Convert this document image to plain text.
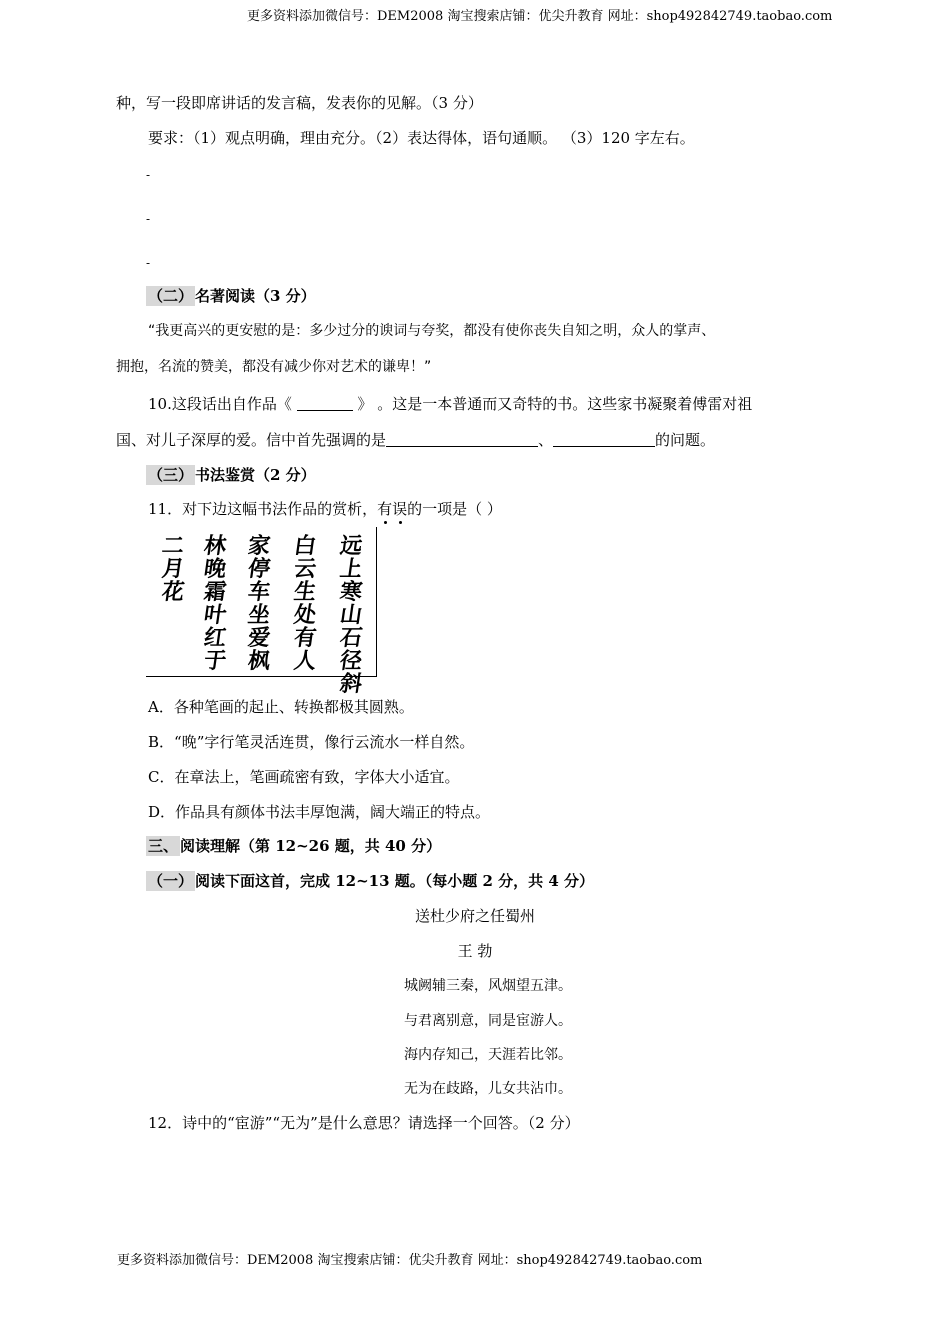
更多资料添加微信号：DEM2008 淘宝搜索店铺：优尖升教育 网址：shop492842749.taobao.com
更多资料添加微信号：DEM2008 淘宝搜索店铺：优尖升教育 网址：shop492842749.taobao.com
种，写一段即席讲话的发言稿，发表你的见解。（3 分）
要求：（1）观点明确，理由充分。（2）表达得体，语句通顺。 （3）120 字左右。
-
-
-
（二） 名著阅读（3 分）
“我更高兴的更安慰的是：多少过分的谀词与夸奖，都没有使你丧失自知之明，众人的掌声、
拥抱，名流的赞美，都没有减少你对艺术的谦卑！”
10.这段话出自作品《	》 。这是一本普通而又奇特的书。这些家书凝聚着傅雷对祖
国、对儿子深厚的爱。信中首先强调的是	、	的问题。
（三） 书法鉴赏（2 分）
11．对下边这幅书法作品的赏析，有误的一项是（ ）
远
上
寒
山
石
径
斜
白
云
生
处
有
人
家
停
车
坐
爱
枫
林
晚
霜
叶
红
于
二
月
花
A．各种笔画的起止、转换都极其圆熟。
B．“晚”字行笔灵活连贯，像行云流水一样自然。
C．在章法上，笔画疏密有致，字体大小适宜。
D．作品具有颜体书法丰厚饱满，阔大端正的特点。
三、 阅读理解（第 12~26 题，共 40 分）
（一） 阅读下面这首，完成 12~13 题。（每小题 2 分，共 4 分）
送杜少府之任蜀州
王 勃
城阙辅三秦，风烟望五津。
与君离别意，同是宦游人。
海内存知己，天涯若比邻。
无为在歧路，儿女共沾巾。
12．诗中的“宦游”“无为”是什么意思？请选择一个回答。（2 分）
